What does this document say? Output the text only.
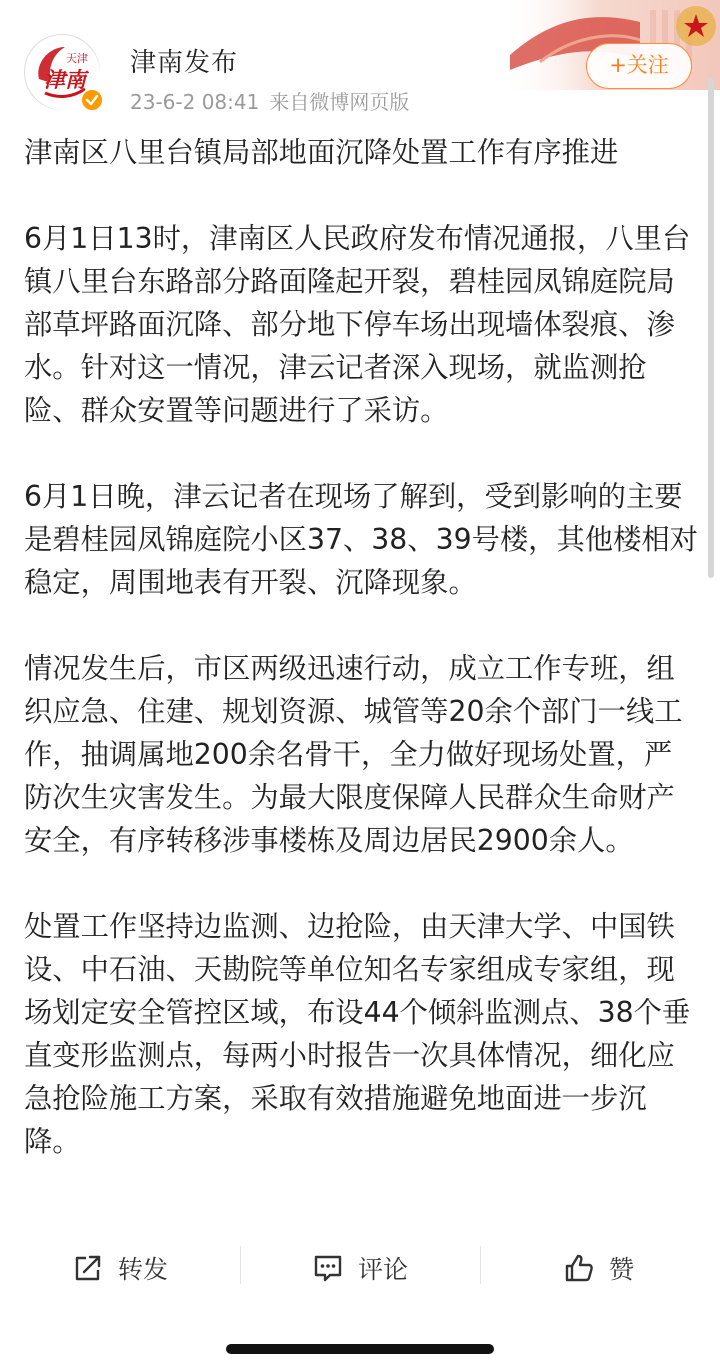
天津
津南
津南发布
23-6-2 08:41 来自微博网页版
+关注

津南区八里台镇局部地面沉降处置工作有序推进

6月1日13时，津南区人民政府发布情况通报，八里台镇八里台东路部分路面隆起开裂，碧桂园凤锦庭院局部草坪路面沉降、部分地下停车场出现墙体裂痕、渗水。针对这一情况，津云记者深入现场，就监测抢险、群众安置等问题进行了采访。

6月1日晚，津云记者在现场了解到，受到影响的主要是碧桂园凤锦庭院小区37、38、39号楼，其他楼相对稳定，周围地表有开裂、沉降现象。

情况发生后，市区两级迅速行动，成立工作专班，组织应急、住建、规划资源、城管等20余个部门一线工作，抽调属地200余名骨干，全力做好现场处置，严防次生灾害发生。为最大限度保障人民群众生命财产安全，有序转移涉事楼栋及周边居民2900余人。

处置工作坚持边监测、边抢险，由天津大学、中国铁设、中石油、天勘院等单位知名专家组成专家组，现场划定安全管控区域，布设44个倾斜监测点、38个垂直变形监测点，每两小时报告一次具体情况，细化应急抢险施工方案，采取有效措施避免地面进一步沉降。

转发	评论	赞
